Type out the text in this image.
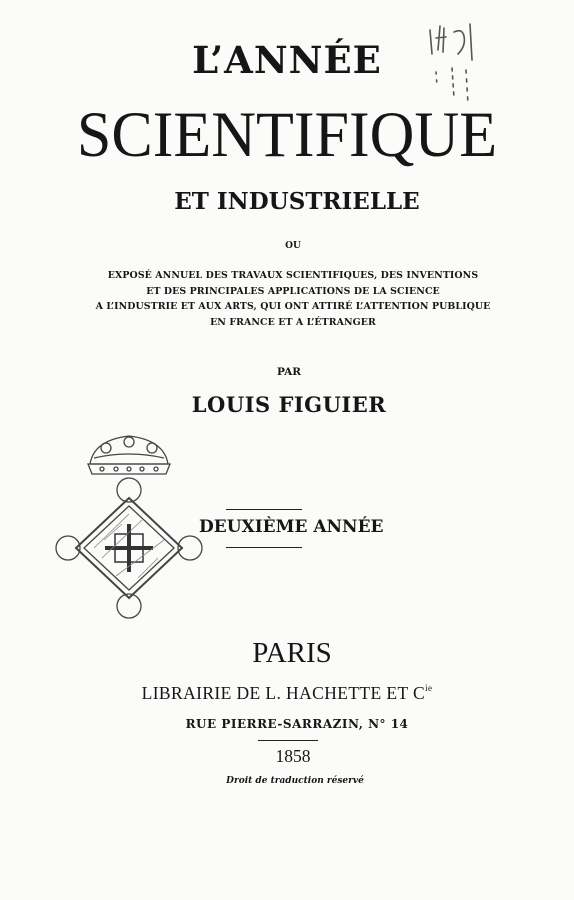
L’ANNÉE
SCIENTIFIQUE
ET INDUSTRIELLE
OU
EXPOSÉ ANNUEL DES TRAVAUX SCIENTIFIQUES, DES INVENTIONS
ET DES PRINCIPALES APPLICATIONS DE LA SCIENCE
A L’INDUSTRIE ET AUX ARTS, QUI ONT ATTIRÉ L’ATTENTION PUBLIQUE
EN FRANCE ET A L’ÉTRANGER
PAR
LOUIS FIGUIER
DEUXIÈME ANNÉE
PARIS
LIBRAIRIE DE L. HACHETTE ET $C^{ie}$
RUE PIERRE-SARRAZIN, N° 14
1858
Droit de traduction réservé
